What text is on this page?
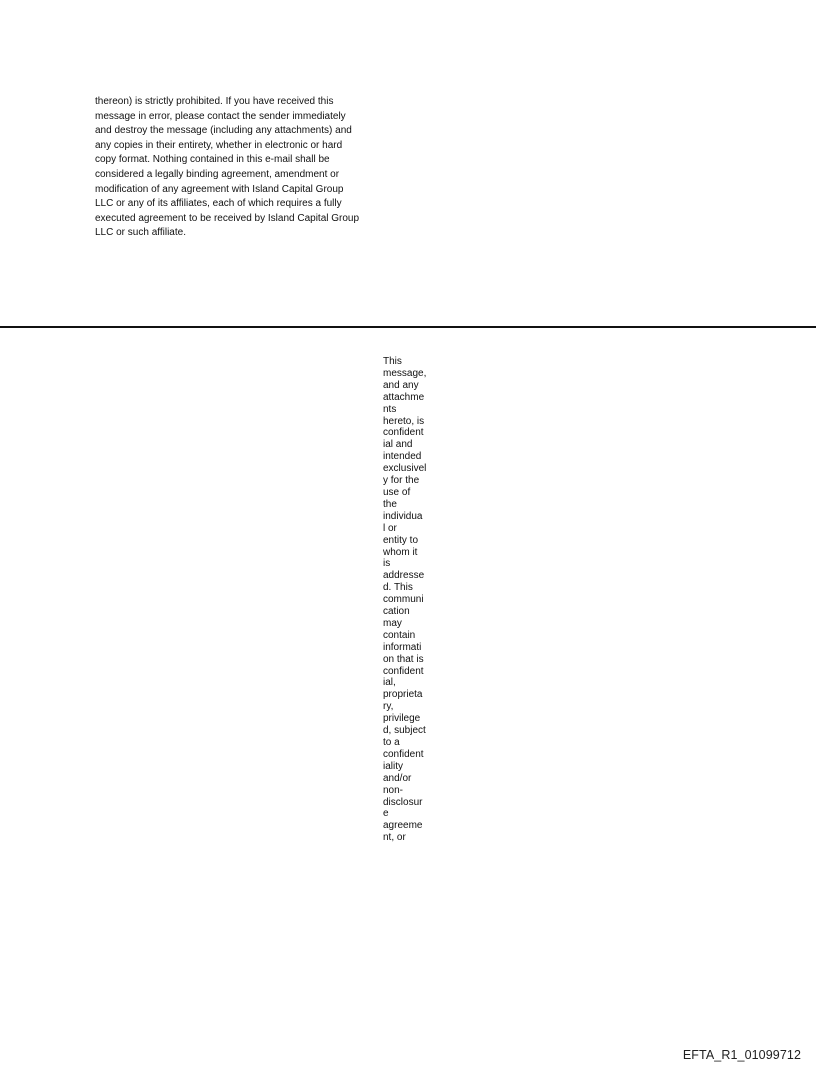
thereon) is strictly prohibited. If you have received this
message in error, please contact the sender immediately
and destroy the message (including any attachments) and
any copies in their entirety, whether in electronic or hard
copy format. Nothing contained in this e-mail shall be
considered a legally binding agreement, amendment or
modification of any agreement with Island Capital Group
LLC or any of its affiliates, each of which requires a fully
executed agreement to be received by Island Capital Group
LLC or such affiliate.

This
message,
and any
attachme
nts
hereto, is
confident
ial and
intended
exclusivel
y for the
use of
the
individua
l or
entity to
whom it
is
addresse
d. This
communi
cation
may
contain
informati
on that is
confident
ial,
proprieta
ry,
privilege
d, subject
to a
confident
iality
and/or
non-
disclosur
e
agreeme
nt, or

EFTA_R1_01099712
